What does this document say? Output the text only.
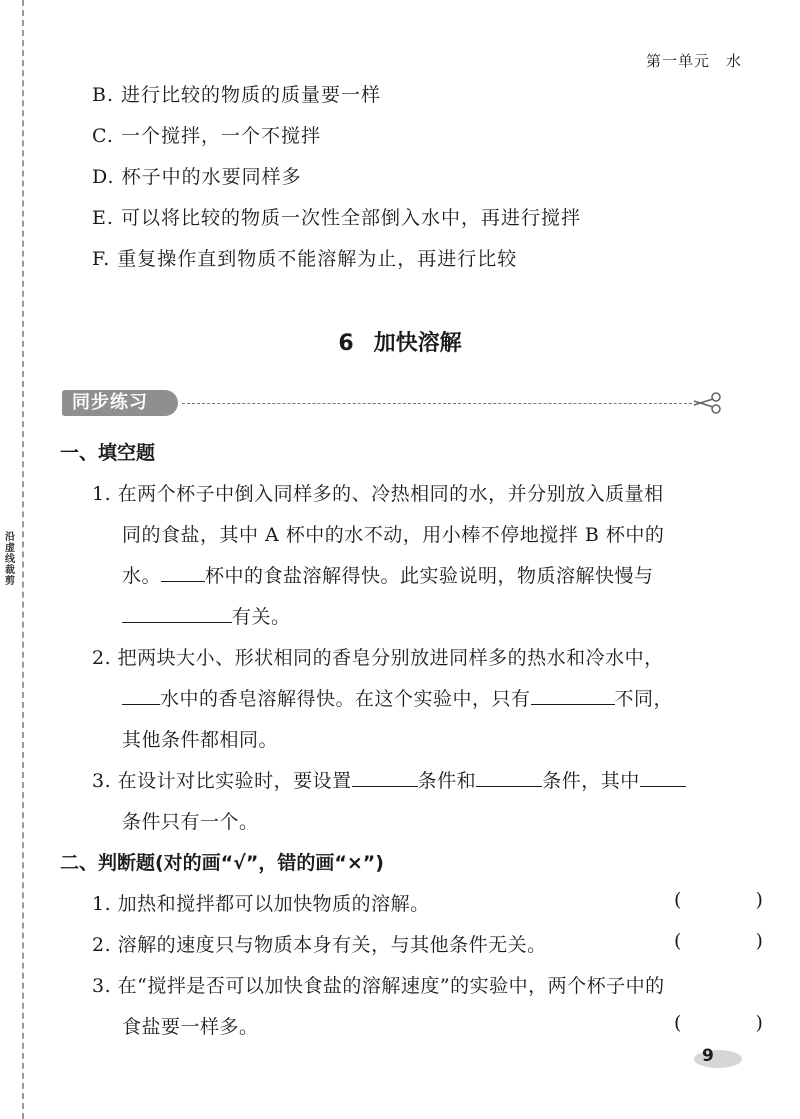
沿虚线裁剪
第一单元　水
B. 进行比较的物质的质量要一样
C. 一个搅拌，一个不搅拌
D. 杯子中的水要同样多
E. 可以将比较的物质一次性全部倒入水中，再进行搅拌
F. 重复操作直到物质不能溶解为止，再进行比较
6 加快溶解
同步练习
一、填空题
1. 在两个杯子中倒入同样多的、冷热相同的水，并分别放入质量相
同的食盐，其中 A 杯中的水不动，用小棒不停地搅拌 B 杯中的
水。 杯中的食盐溶解得快。此实验说明，物质溶解快慢与
有关。
2. 把两块大小、形状相同的香皂分别放进同样多的热水和冷水中，
水中的香皂溶解得快。在这个实验中，只有	不同，
其他条件都相同。
3. 在设计对比实验时，要设置	条件和	条件，其中
条件只有一个。
二、判断题(对的画“√”，错的画“×”)
1. 加热和搅拌都可以加快物质的溶解。	( )
2. 溶解的速度只与物质本身有关，与其他条件无关。	( )
3. 在“搅拌是否可以加快食盐的溶解速度”的实验中，两个杯子中的
食盐要一样多。	( )
9
